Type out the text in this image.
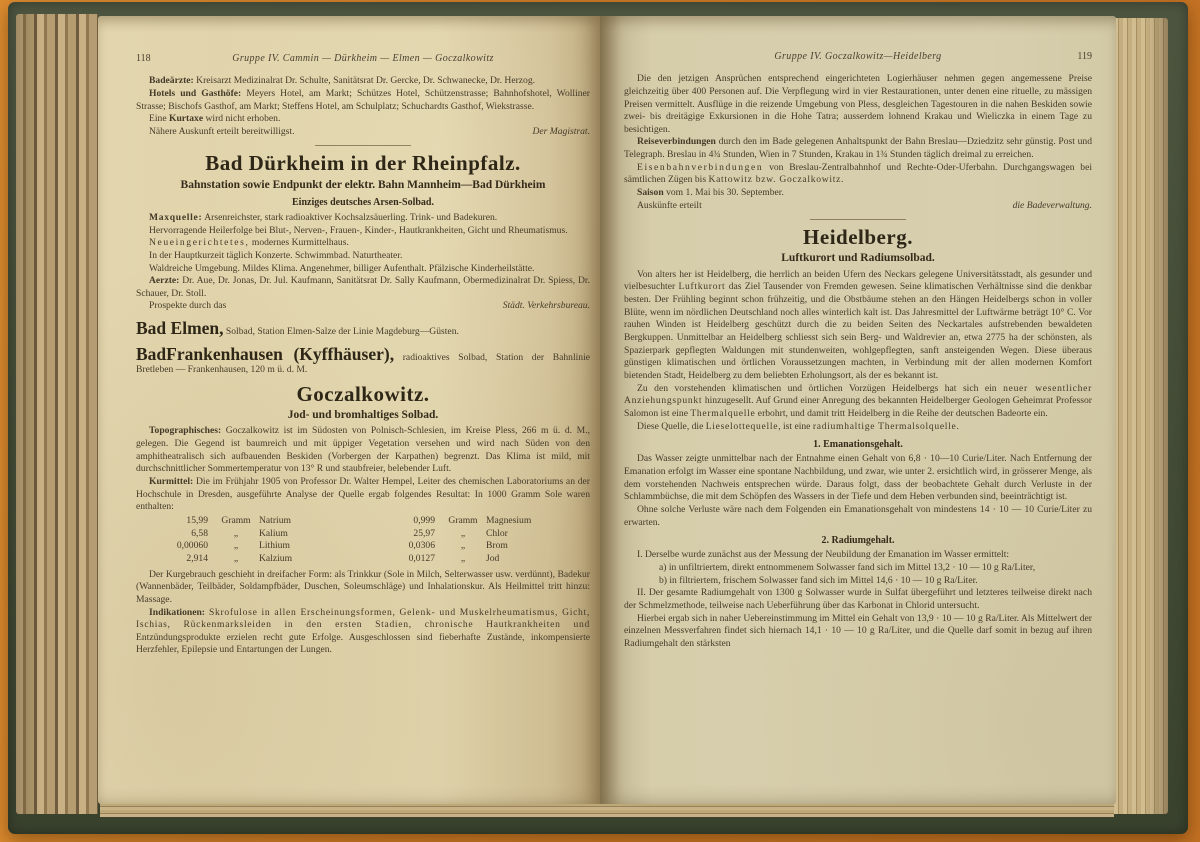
118	Gruppe IV. Cammin — Dürkheim — Elmen — Goczalkowitz

Badeärzte: Kreisarzt Medizinalrat Dr. Schulte, Sanitätsrat Dr. Gercke, Dr. Schwanecke, Dr. Herzog.

Hotels und Gasthöfe: Meyers Hotel, am Markt; Schützes Hotel, Schützenstrasse; Bahnhofshotel, Wolliner Strasse; Bischofs Gasthof, am Markt; Steffens Hotel, am Schulplatz; Schuchardts Gasthof, Wiekstrasse.

Eine Kurtaxe wird nicht erhoben.

Nähere Auskunft erteilt bereitwilligst.	Der Magistrat.

Bad Dürkheim in der Rheinpfalz.

Bahnstation sowie Endpunkt der elektr. Bahn Mannheim—Bad Dürkheim

Einziges deutsches Arsen-Solbad.

Maxquelle: Arsenreichster, stark radioaktiver Kochsalzsäuerling. Trink- und Badekuren.

Hervorragende Heilerfolge bei Blut-, Nerven-, Frauen-, Kinder-, Hautkrankheiten, Gicht und Rheumatismus.

Neueingerichtetes, modernes Kurmittelhaus.

In der Hauptkurzeit täglich Konzerte. Schwimmbad. Naturtheater.

Waldreiche Umgebung. Mildes Klima. Angenehmer, billiger Aufenthalt. Pfälzische Kinderheilstätte.

Aerzte: Dr. Aue, Dr. Jonas, Dr. Jul. Kaufmann, Sanitätsrat Dr. Sally Kaufmann, Obermedizinalrat Dr. Spiess, Dr. Schauer, Dr. Stoll.

Prospekte durch das	Städt. Verkehrsbureau.

Bad Elmen, Solbad, Station Elmen-Salze der Linie Magdeburg—Güsten.

BadFrankenhausen (Kyffhäuser), radioaktives Solbad, Station der Bahnlinie Bretleben — Frankenhausen, 120 m ü. d. M.

Goczalkowitz.

Jod- und bromhaltiges Solbad.

Topographisches: Goczalkowitz ist im Südosten von Polnisch-Schlesien, im Kreise Pless, 266 m ü. d. M., gelegen. Die Gegend ist baumreich und mit üppiger Vegetation versehen und wird nach Süden von den amphitheatralisch sich aufbauenden Beskiden (Vorbergen der Karpathen) begrenzt. Das Klima ist mild, mit durchschnittlicher Sommertemperatur von 13° R und staubfreier, belebender Luft.

Kurmittel: Die im Frühjahr 1905 von Professor Dr. Walter Hempel, Leiter des chemischen Laboratoriums an der Hochschule in Dresden, ausgeführte Analyse der Quelle ergab folgendes Resultat: In 1000 Gramm Sole waren enthalten:

15,99	Gramm Natrium	0,999	Gramm Magnesium
6,58	„	Kalium	25,97	„	Chlor
0,00060	„	Lithium	0,0306	„	Brom
2,914	„	Kalzium	0,0127	„	Jod

Der Kurgebrauch geschieht in dreifacher Form: als Trinkkur (Sole in Milch, Selterwasser usw. verdünnt), Badekur (Wannenbäder, Teilbäder, Soldampfbäder, Duschen, Soleumschläge) und Inhalationskur. Als Heilmittel tritt hinzu: Massage.

Indikationen: Skrofulose in allen Erscheinungsformen, Gelenk- und Muskelrheumatismus, Gicht, Ischias, Rückenmarksleiden in den ersten Stadien, chronische Hautkrankheiten und Entzündungsprodukte erzielen recht gute Erfolge. Ausgeschlossen sind fieberhafte Zustände, inkompensierte Herzfehler, Epilepsie und Entartungen der Lungen.

Gruppe IV. Goczalkowitz—Heidelberg	119

Die den jetzigen Ansprüchen entsprechend eingerichteten Logierhäuser nehmen gegen angemessene Preise gleichzeitig über 400 Personen auf. Die Verpflegung wird in vier Restaurationen, unter denen eine rituelle, zu mässigen Preisen vermittelt. Ausflüge in die reizende Umgebung von Pless, desgleichen Tagestouren in die nahen Beskiden sowie zwei- bis dreitägige Exkursionen in die Hohe Tatra; ausserdem lohnend Krakau und Wieliczka in einem Tage zu besichtigen.

Reiseverbindungen durch den im Bade gelegenen Anhaltspunkt der Bahn Breslau—Dziedzitz sehr günstig. Post und Telegraph. Breslau in 4¾ Stunden, Wien in 7 Stunden, Krakau in 1¾ Stunden täglich dreimal zu erreichen.

Eisenbahnverbindungen von Breslau-Zentralbahnhof und Rechte-Oder-Uferbahn. Durchgangswagen bei sämtlichen Zügen bis Kattowitz bzw. Goczalkowitz.

Saison vom 1. Mai bis 30. September.

Auskünfte erteilt	die Badeverwaltung.

Heidelberg.

Luftkurort und Radiumsolbad.

Von alters her ist Heidelberg, die herrlich an beiden Ufern des Neckars gelegene Universitätsstadt, als gesunder und vielbesuchter Luftkurort das Ziel Tausender von Fremden gewesen. Seine klimatischen Verhältnisse sind die denkbar besten. Der Frühling beginnt schon frühzeitig, und die Obstbäume stehen an den Hängen Heidelbergs schon in voller Blüte, wenn im nördlichen Deutschland noch alles winterlich kalt ist. Das Jahresmittel der Luftwärme beträgt 10° C. Vor rauhen Winden ist Heidelberg geschützt durch die zu beiden Seiten des Neckartales aufstrebenden bewaldeten Bergkuppen. Unmittelbar an Heidelberg schliesst sich sein Berg- und Waldrevier an, etwa 2775 ha der schönsten, als Spazierpark gepflegten Waldungen mit stundenweiten, wohlgepflegten, sanft ansteigenden Wegen. Diese überaus günstigen klimatischen und örtlichen Voraussetzungen machten, in Verbindung mit der allen modernen Komfort bietenden Stadt, Heidelberg zu dem beliebten Erholungsort, als der es bekannt ist.

Zu den vorstehenden klimatischen und örtlichen Vorzügen Heidelbergs hat sich ein neuer wesentlicher Anziehungspunkt hinzugesellt. Auf Grund einer Anregung des bekannten Heidelberger Geologen Geheimrat Professor Salomon ist eine Thermalquelle erbohrt, und damit tritt Heidelberg in die Reihe der deutschen Badeorte ein.

Diese Quelle, die Lieselottequelle, ist eine radiumhaltige Thermalsolquelle.

1. Emanationsgehalt.

Das Wasser zeigte unmittelbar nach der Entnahme einen Gehalt von 6,8 · 10—10 Curie/Liter. Nach Entfernung der Emanation erfolgt im Wasser eine spontane Nachbildung, und zwar, wie unter 2. ersichtlich wird, in grösserer Menge, als dem vorstehenden Nachweis entsprechen würde. Daraus folgt, dass der beobachtete Gehalt durch Verluste in der Schlammbüchse, die mit dem Schöpfen des Wassers in der Tiefe und dem Heben verbunden sind, beeinträchtigt ist.

Ohne solche Verluste wäre nach dem Folgenden ein Emanationsgehalt von mindestens 14 · 10 — 10 Curie/Liter zu erwarten.

2. Radiumgehalt.

I. Derselbe wurde zunächst aus der Messung der Neubildung der Emanation im Wasser ermittelt:

a) in unfiltriertem, direkt entnommenem Solwasser fand sich im Mittel 13,2 · 10 — 10 g Ra/Liter,

b) in filtriertem, frischem Solwasser fand sich im Mittel 14,6 · 10 — 10 g Ra/Liter.

II. Der gesamte Radiumgehalt von 1300 g Solwasser wurde in Sulfat übergeführt und letzteres teilweise direkt nach der Schmelzmethode, teilweise nach Ueberführung über das Karbonat in Chlorid untersucht.

Hierbei ergab sich in naher Uebereinstimmung im Mittel ein Gehalt von 13,9 · 10 — 10 g Ra/Liter. Als Mittelwert der einzelnen Messverfahren findet sich hiernach 14,1 · 10 — 10 g Ra/Liter, und die Quelle darf somit in bezug auf ihren Radiumgehalt den stärksten
